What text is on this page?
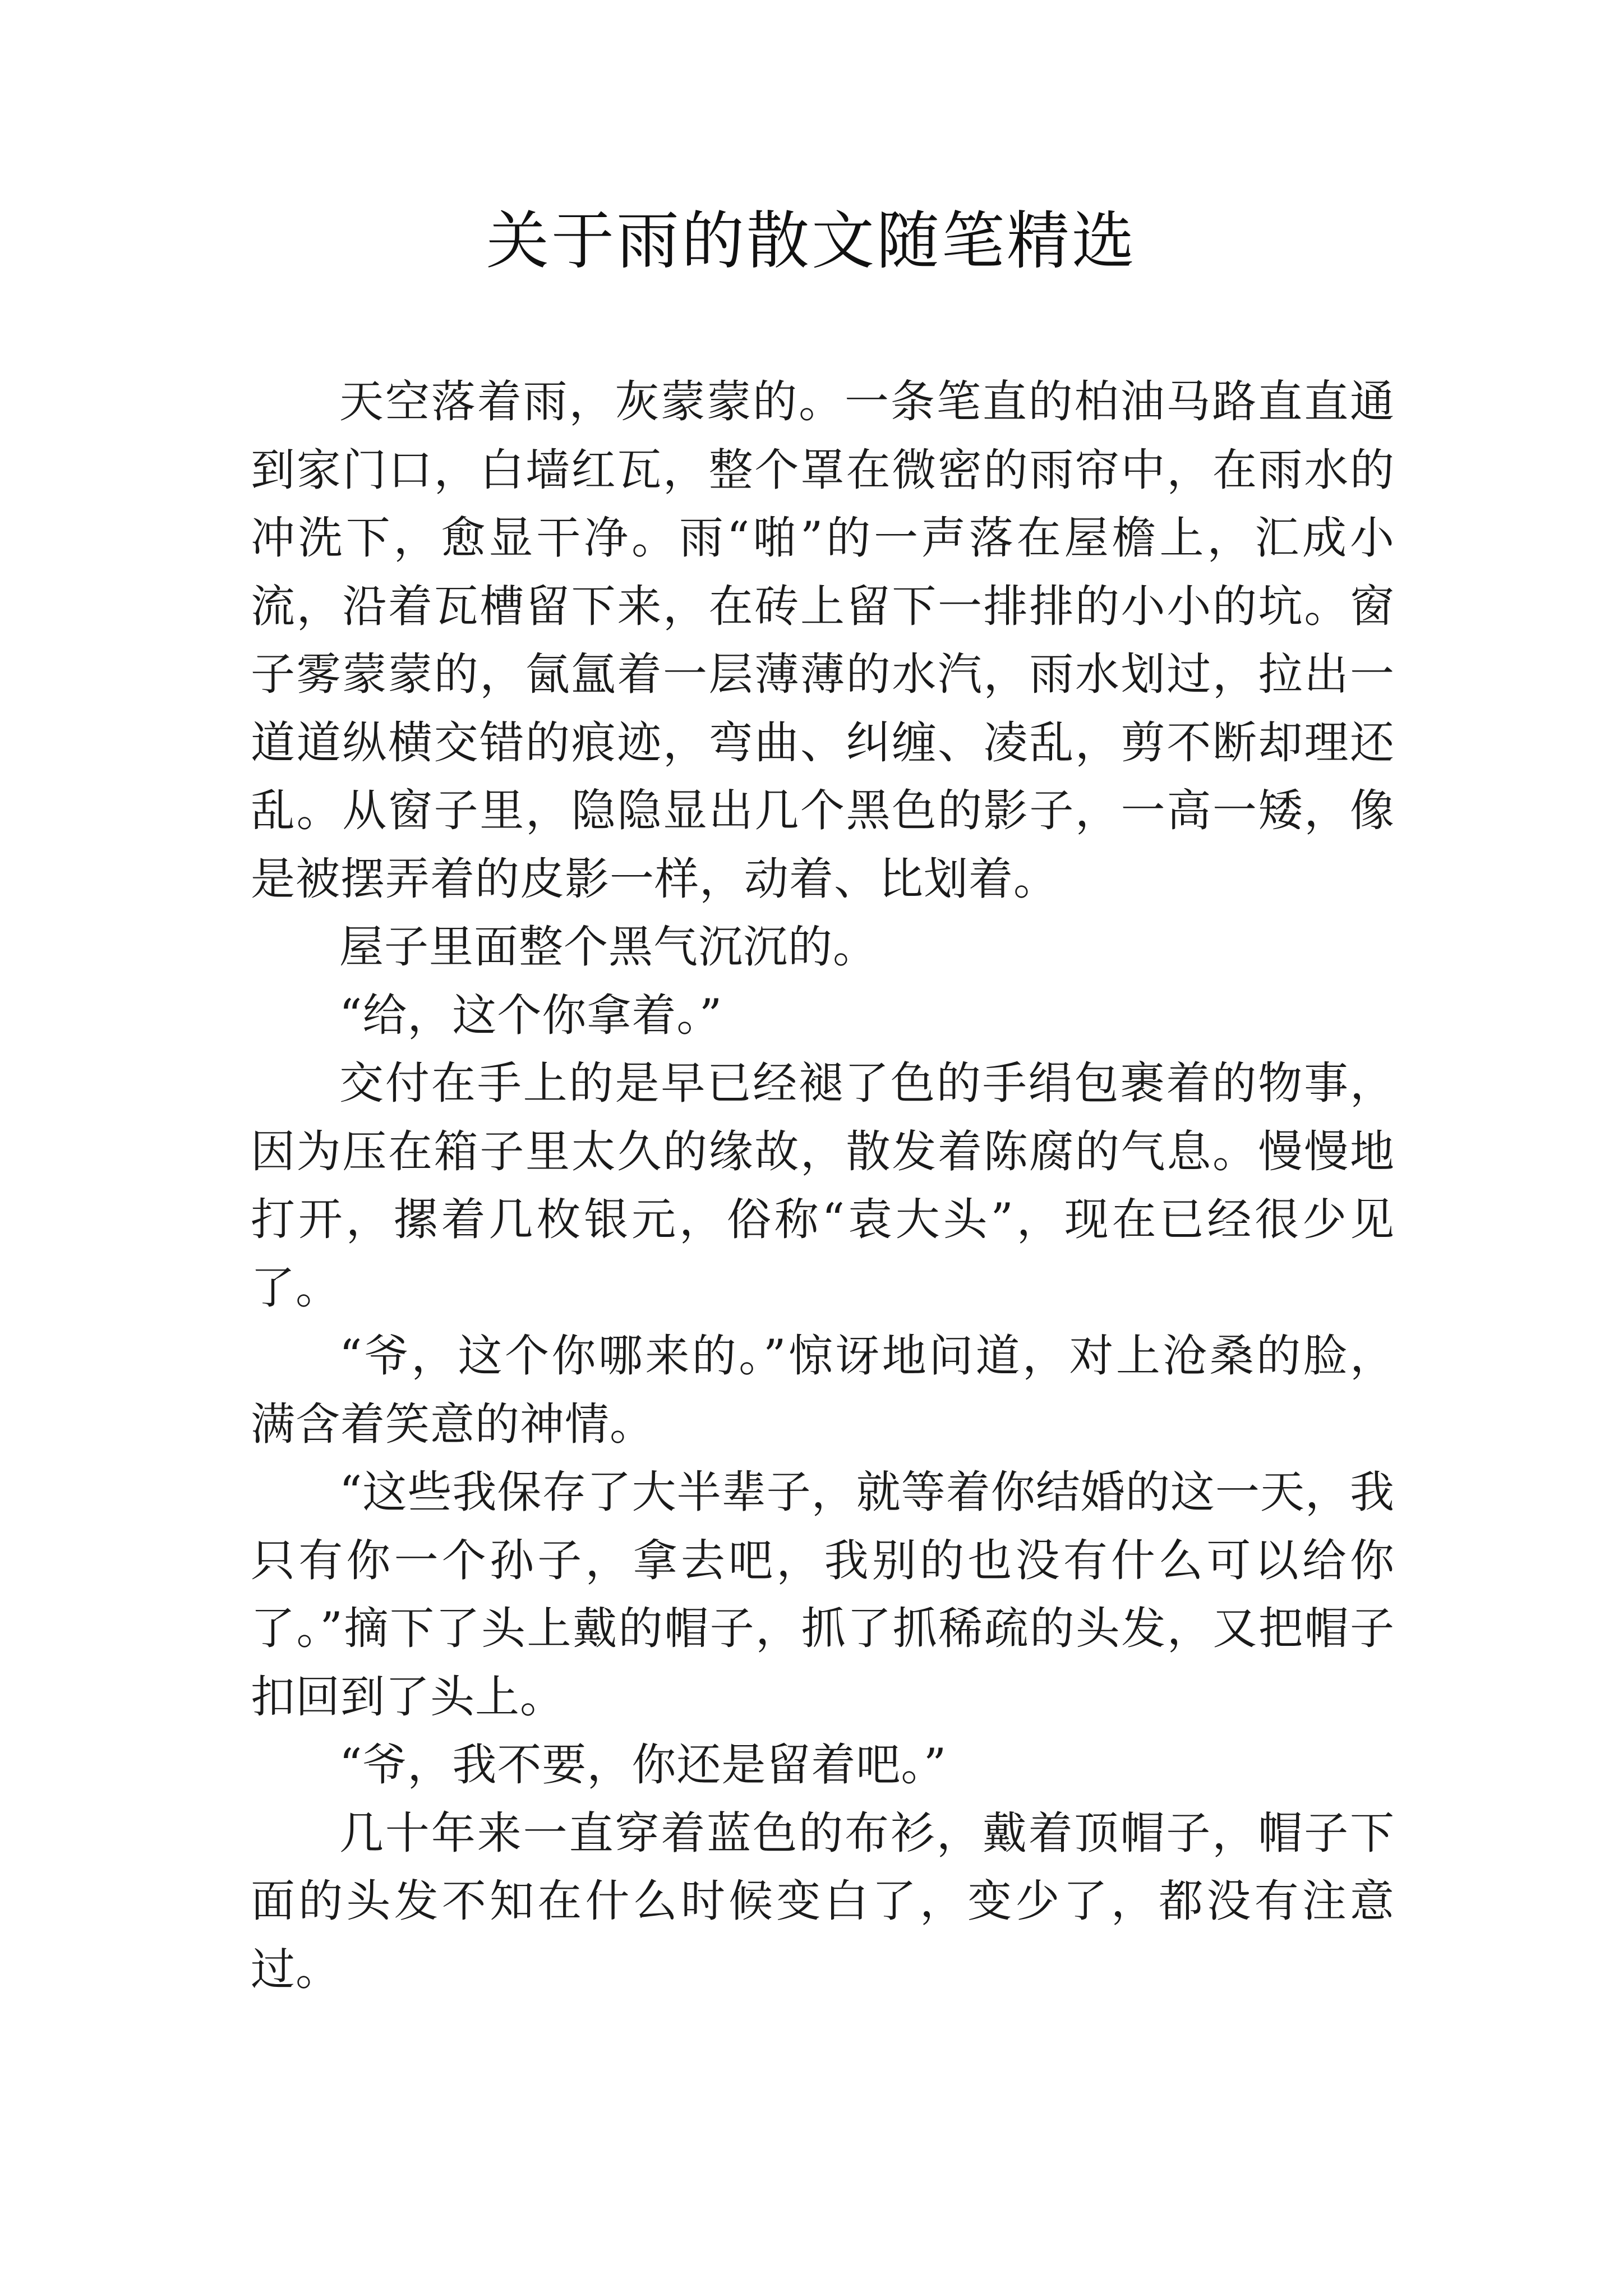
关于雨的散文随笔精选

天空落着雨，灰蒙蒙的。一条笔直的柏油马路直直通到家门口，白墙红瓦，整个罩在微密的雨帘中，在雨水的冲洗下，愈显干净。雨“啪”的一声落在屋檐上，汇成小流，沿着瓦槽留下来，在砖上留下一排排的小小的坑。窗子雾蒙蒙的，氤氲着一层薄薄的水汽，雨水划过，拉出一道道纵横交错的痕迹，弯曲、纠缠、凌乱，剪不断却理还乱。从窗子里，隐隐显出几个黑色的影子，一高一矮，像是被摆弄着的皮影一样，动着、比划着。

屋子里面整个黑气沉沉的。

“给，这个你拿着。”

交付在手上的是早已经褪了色的手绢包裹着的物事，因为压在箱子里太久的缘故，散发着陈腐的气息。慢慢地打开，摞着几枚银元，俗称“袁大头”，现在已经很少见了。

“爷，这个你哪来的。”惊讶地问道，对上沧桑的脸，满含着笑意的神情。

“这些我保存了大半辈子，就等着你结婚的这一天，我只有你一个孙子，拿去吧，我别的也没有什么可以给你了。”摘下了头上戴的帽子，抓了抓稀疏的头发，又把帽子扣回到了头上。

“爷，我不要，你还是留着吧。”

几十年来一直穿着蓝色的布衫，戴着顶帽子，帽子下面的头发不知在什么时候变白了，变少了，都没有注意过。
